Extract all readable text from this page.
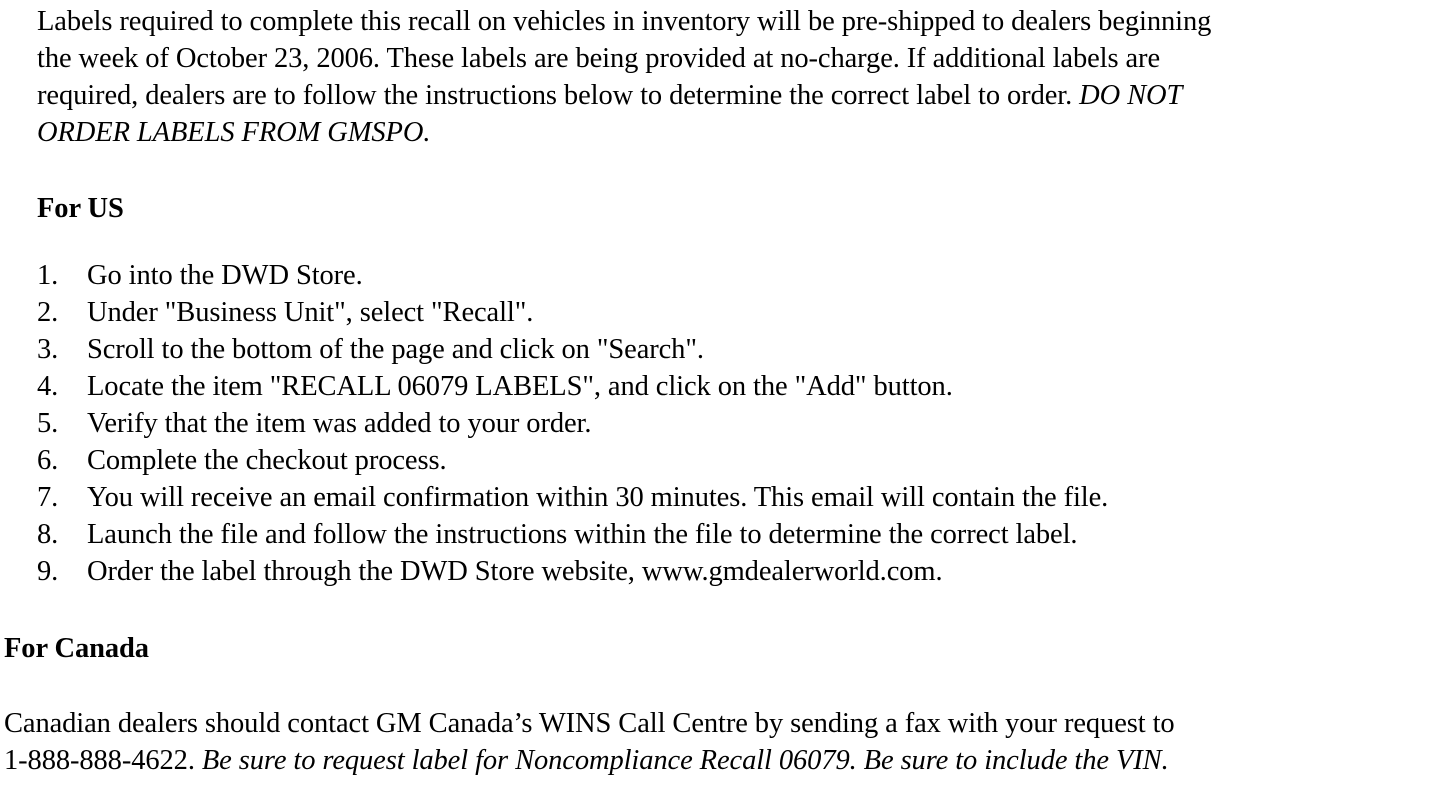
Labels required to complete this recall on vehicles in inventory will be pre-shipped to dealers beginning
the week of October 23, 2006. These labels are being provided at no-charge. If additional labels are
required, dealers are to follow the instructions below to determine the correct label to order. DO NOT
ORDER LABELS FROM GMSPO.

For US
1. Go into the DWD Store.
2. Under "Business Unit", select "Recall".
3. Scroll to the bottom of the page and click on "Search".
4. Locate the item "RECALL 06079 LABELS", and click on the "Add" button.
5. Verify that the item was added to your order.
6. Complete the checkout process.
7. You will receive an email confirmation within 30 minutes. This email will contain the file.
8. Launch the file and follow the instructions within the file to determine the correct label.
9. Order the label through the DWD Store website, www.gmdealerworld.com.
For Canada

Canadian dealers should contact GM Canada’s WINS Call Centre by sending a fax with your request to
1-888-888-4622. Be sure to request label for Noncompliance Recall 06079. Be sure to include the VIN.
